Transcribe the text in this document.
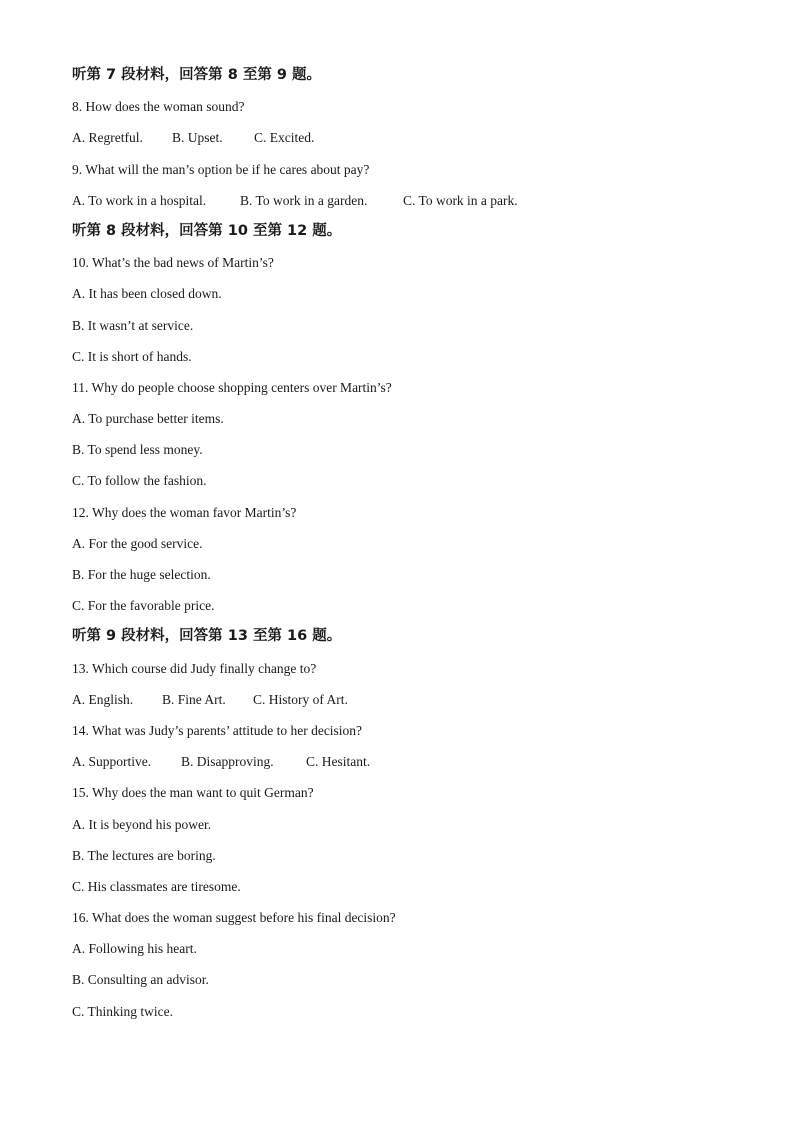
听第 7 段材料，回答第 8 至第 9 题。
8. How does the woman sound?
A. Regretful. B. Upset. C. Excited.
9. What will the man’s option be if he cares about pay?
A. To work in a hospital.	B. To work in a garden.	C. To work in a park.
听第 8 段材料，回答第 10 至第 12 题。
10. What’s the bad news of Martin’s?
A. It has been closed down.
B. It wasn’t at service.
C. It is short of hands.
11. Why do people choose shopping centers over Martin’s?
A. To purchase better items.
B. To spend less money.
C. To follow the fashion.
12. Why does the woman favor Martin’s?
A. For the good service.
B. For the huge selection.
C. For the favorable price.
听第 9 段材料，回答第 13 至第 16 题。
13. Which course did Judy finally change to?
A. English. B. Fine Art. C. History of Art.
14. What was Judy’s parents’ attitude to her decision?
A. Supportive. B. Disapproving. C. Hesitant.
15. Why does the man want to quit German?
A. It is beyond his power.
B. The lectures are boring.
C. His classmates are tiresome.
16. What does the woman suggest before his final decision?
A. Following his heart.
B. Consulting an advisor.
C. Thinking twice.
